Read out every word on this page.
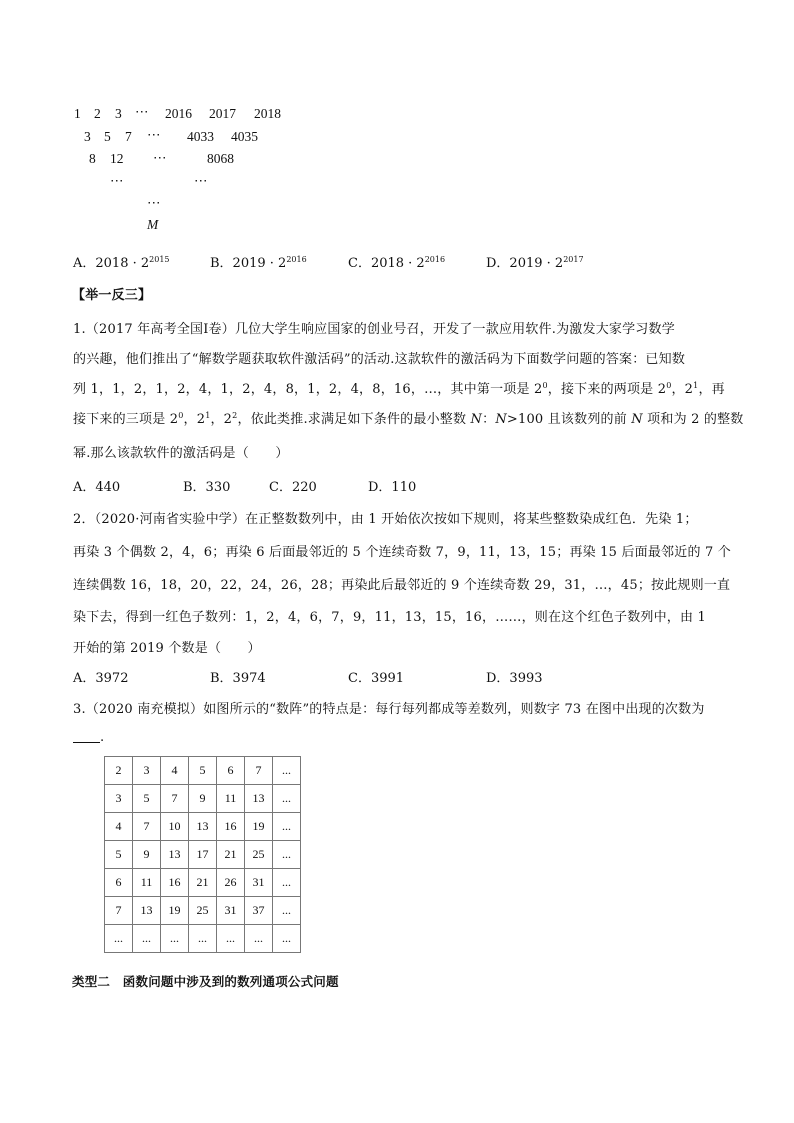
1 2 3 ⋯ 2016 2017 2018
3 5 7 ⋯ 4033 4035
8 12 ⋯	8068
⋯	⋯
⋯
M
A．$2018 \cdot 2^{2015}$	B．$2019 \cdot 2^{2016}$	C．$2018 \cdot 2^{2016}$	D．$2019 \cdot 2^{2017}$
【举一反三】
1.（2017 年高考全国Ⅰ卷）几位大学生响应国家的创业号召，开发了一款应用软件.为激发大家学习数学
的兴趣，他们推出了“解数学题获取软件激活码”的活动.这款软件的激活码为下面数学问题的答案：已知数
列 1，1，2，1，2，4，1，2，4，8，1，2，4，8，16，…，其中第一项是 $2^0$，接下来的两项是 $2^0$，$2^1$，再
接下来的三项是 $2^0$，$2^1$，$2^2$，依此类推.求满足如下条件的最小整数 N：N>100 且该数列的前 N 项和为 2 的整数
幂.那么该款软件的激活码是（　　）
A．440	B．330	C．220	D．110
2．（2020·河南省实验中学）在正整数数列中，由 1 开始依次按如下规则，将某些整数染成红色．先染 1；
再染 3 个偶数 2，4，6；再染 6 后面最邻近的 5 个连续奇数 7，9，11，13，15；再染 15 后面最邻近的 7 个
连续偶数 16，18，20，22，24，26，28；再染此后最邻近的 9 个连续奇数 29，31，…，45；按此规则一直
染下去，得到一红色子数列：1，2，4，6，7，9，11，13，15，16，……，则在这个红色子数列中，由 1
开始的第 2019 个数是（　　）
A．3972	B．3974	C．3991	D．3993
3.（2020 南充模拟）如图所示的“数阵”的特点是：每行每列都成等差数列，则数字 73 在图中出现的次数为
.
2	3	4	5	6	7	...
3	5	7	9	11	13	...
4	7	10	13	16	19	...
5	9	13	17	21	25	...
6	11	16	21	26	31	...
7	13	19	25	31	37	...
...	...	...	...	...	...	...
类型二　函数问题中涉及到的数列通项公式问题
